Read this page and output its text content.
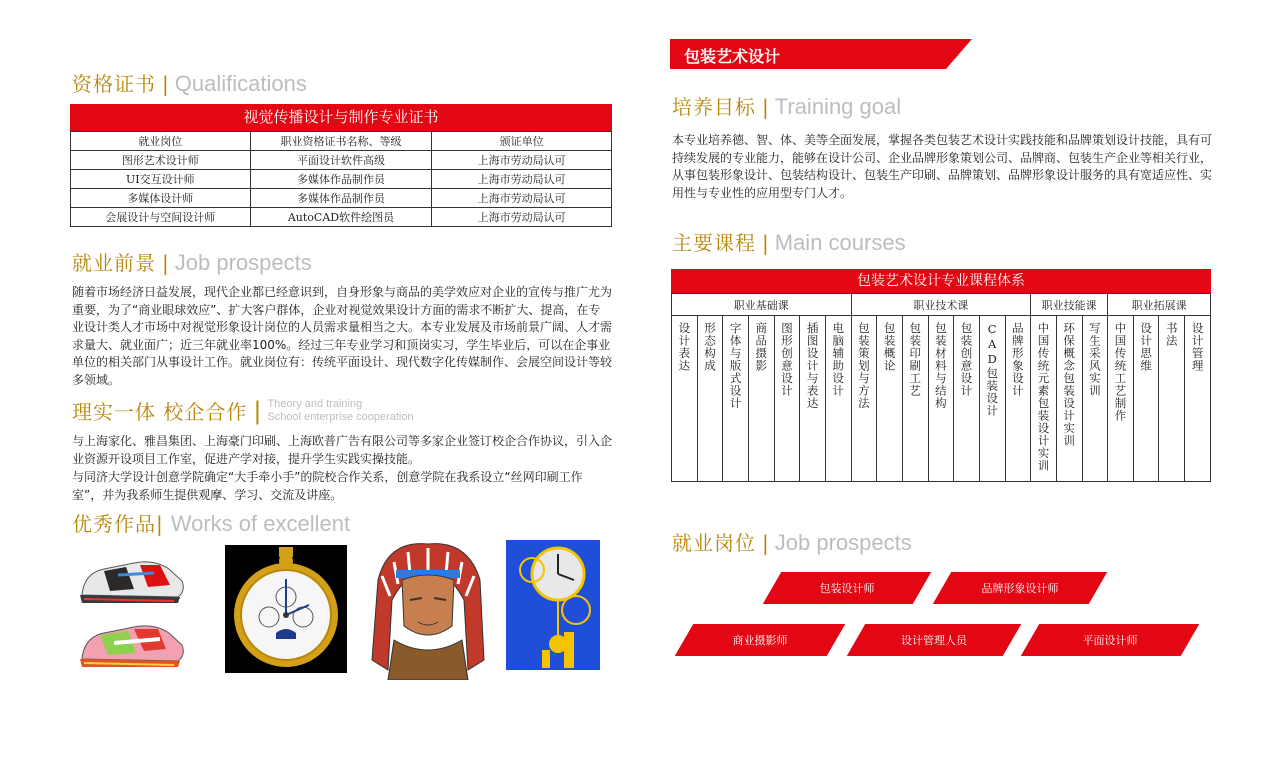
资格证书 | Qualifications
视觉传播设计与制作专业证书
就业岗位	职业资格证书名称、等级	颁证单位
图形艺术设计师	平面设计软件高级	上海市劳动局认可
UI交互设计师	多媒体作品制作员	上海市劳动局认可
多媒体设计师	多媒体作品制作员	上海市劳动局认可
会展设计与空间设计师	AutoCAD软件绘图员	上海市劳动局认可
就业前景 | Job prospects
随着市场经济日益发展，现代企业都已经意识到，自身形象与商品的美学效应对企业的宣传与推广尤为重要，为了“商业眼球效应”、扩大客户群体，企业对视觉效果设计方面的需求不断扩大、提高，在专业设计类人才市场中对视觉形象设计岗位的人员需求量相当之大。本专业发展及市场前景广阔、人才需求量大、就业面广；近三年就业率100%。经过三年专业学习和顶岗实习，学生毕业后，可以在企事业单位的相关部门从事设计工作。就业岗位有：传统平面设计、现代数字化传媒制作、会展空间设计等较多领域。
理实一体 校企合作 | Theory and training
School enterprise cooperation
与上海家化、雅昌集团、上海豪门印刷、上海欧普广告有限公司等多家企业签订校企合作协议，引入企业资源开设项目工作室，促进产学对接，提升学生实践实操技能。
与同济大学设计创意学院确定“大手牵小手”的院校合作关系，创意学院在我系设立“丝网印刷工作室”，并为我系师生提供观摩、学习、交流及讲座。
优秀作品 | Works of excellent
包装艺术设计
培养目标 | Training goal
本专业培养德、智、体、美等全面发展，掌握各类包装艺术设计实践技能和品牌策划设计技能，具有可持续发展的专业能力，能够在设计公司、企业品牌形象策划公司、品牌商、包装生产企业等相关行业，从事包装形象设计、包装结构设计、包装生产印刷、品牌策划、品牌形象设计服务的具有宽适应性、实用性与专业性的应用型专门人才。
主要课程 | Main courses
包装艺术设计专业课程体系
职业基础课							职业技术课							职业技能课			职业拓展课			

设计表达	形态构成	字体与版式设计	商品摄影	图形创意设计	插图设计与表达	电脑辅助设计	包装策划与方法	包装概论	包装印刷工艺	包装材料与结构	包装创意设计	CAD包装设计	品牌形象设计	中国传统元素包装设计实训	环保概念包装设计实训	写生采风实训	中国传统工艺制作	设计思维	书法	设计管理
就业岗位 | Job prospects
包装设计师	品牌形象设计师
商业摄影师	设计管理人员	平面设计师
